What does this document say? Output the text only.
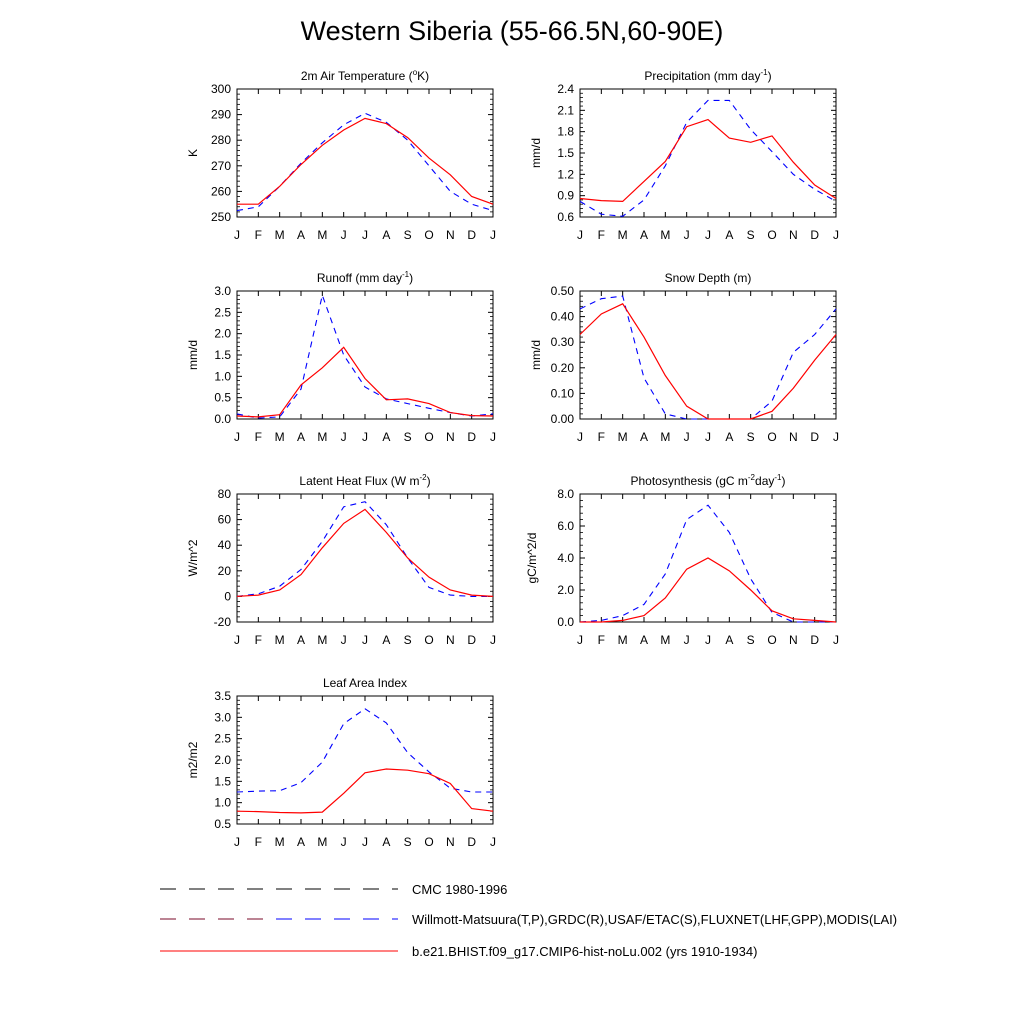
Western Siberia (55-66.5N,60-90E)
2m Air Temperature ($^o$K)
J F M A M J J A S O N D J
250
260
270
280
290
300
K
Precipitation (mm day$^{-1}$)
J F M A M J J A S O N D J
0.6
0.9
1.2
1.5
1.8
2.1
2.4
mm/d
Runoff (mm day$^{-1}$)
J F M A M J J A S O N D J
0.0
0.5
1.0
1.5
2.0
2.5
3.0
mm/d
Snow Depth (m)
J F M A M J J A S O N D J
0.00
0.10
0.20
0.30
0.40
0.50
mm/d
Latent Heat Flux (W $m^{-2}$)
J F M A M J J A S O N D J
-20
0
20
40
60
80
W/m^2
Photosynthesis (gC $m^{-2}day^{-1}$)
J F M A M J J A S O N D J
0.0
2.0
4.0
6.0
8.0
gC/m^2/d
Leaf Area Index
J F M A M J J A S O N D J
0.5
1.0
1.5
2.0
2.5
3.0
3.5
m2/m2
CMC 1980-1996
Willmott-Matsuura(T,P),GRDC(R),USAF/ETAC(S),FLUXNET(LHF,GPP),MODIS(LAI)
b.e21.BHIST.f09_g17.CMIP6-hist-noLu.002 (yrs 1910-1934)
